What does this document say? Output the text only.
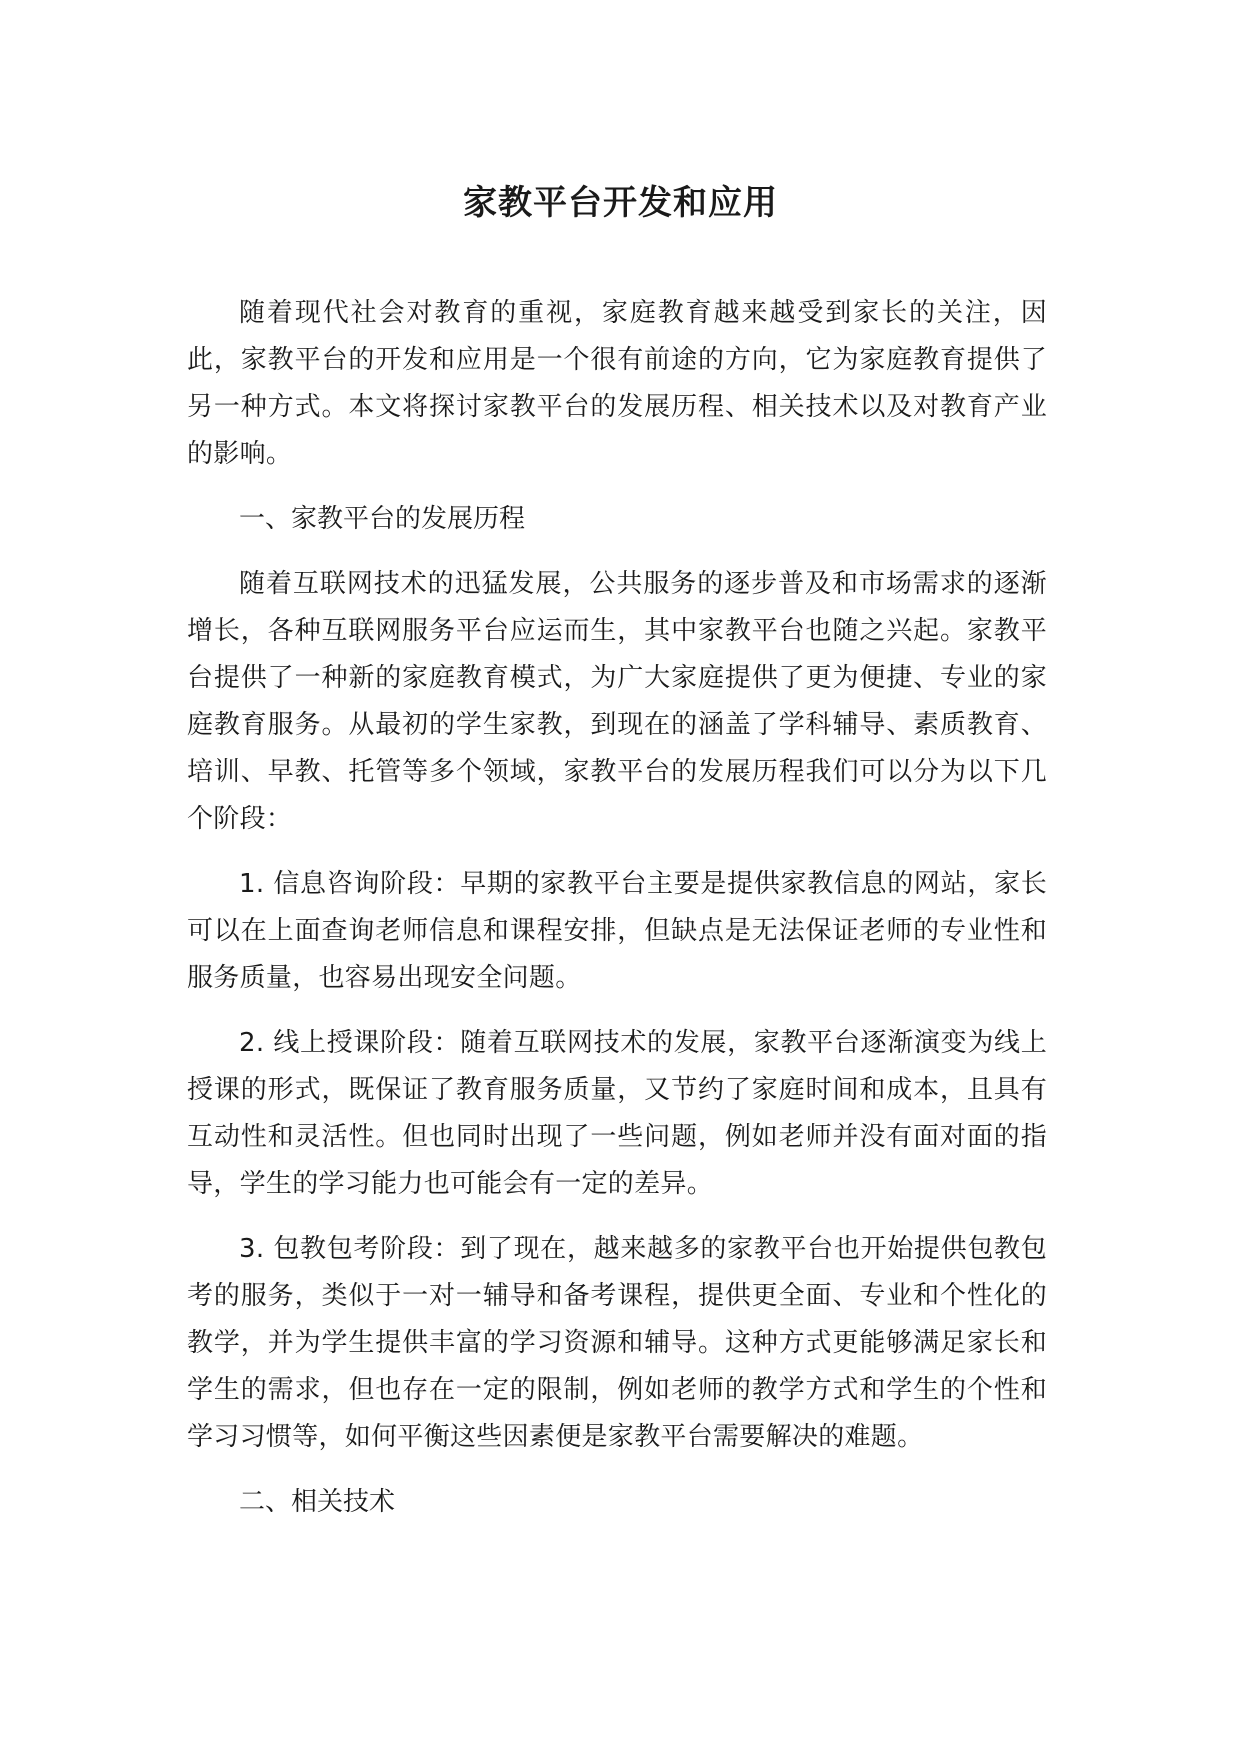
家教平台开发和应用

随着现代社会对教育的重视，家庭教育越来越受到家长的关注，因此，家教平台的开发和应用是一个很有前途的方向，它为家庭教育提供了另一种方式。本文将探讨家教平台的发展历程、相关技术以及对教育产业的影响。

一、家教平台的发展历程

随着互联网技术的迅猛发展，公共服务的逐步普及和市场需求的逐渐增长，各种互联网服务平台应运而生，其中家教平台也随之兴起。家教平台提供了一种新的家庭教育模式，为广大家庭提供了更为便捷、专业的家庭教育服务。从最初的学生家教，到现在的涵盖了学科辅导、素质教育、培训、早教、托管等多个领域，家教平台的发展历程我们可以分为以下几个阶段：

1. 信息咨询阶段：早期的家教平台主要是提供家教信息的网站，家长可以在上面查询老师信息和课程安排，但缺点是无法保证老师的专业性和服务质量，也容易出现安全问题。

2. 线上授课阶段：随着互联网技术的发展，家教平台逐渐演变为线上授课的形式，既保证了教育服务质量，又节约了家庭时间和成本，且具有互动性和灵活性。但也同时出现了一些问题，例如老师并没有面对面的指导，学生的学习能力也可能会有一定的差异。

3. 包教包考阶段：到了现在，越来越多的家教平台也开始提供包教包考的服务，类似于一对一辅导和备考课程，提供更全面、专业和个性化的教学，并为学生提供丰富的学习资源和辅导。这种方式更能够满足家长和学生的需求，但也存在一定的限制，例如老师的教学方式和学生的个性和学习习惯等，如何平衡这些因素便是家教平台需要解决的难题。

二、相关技术
